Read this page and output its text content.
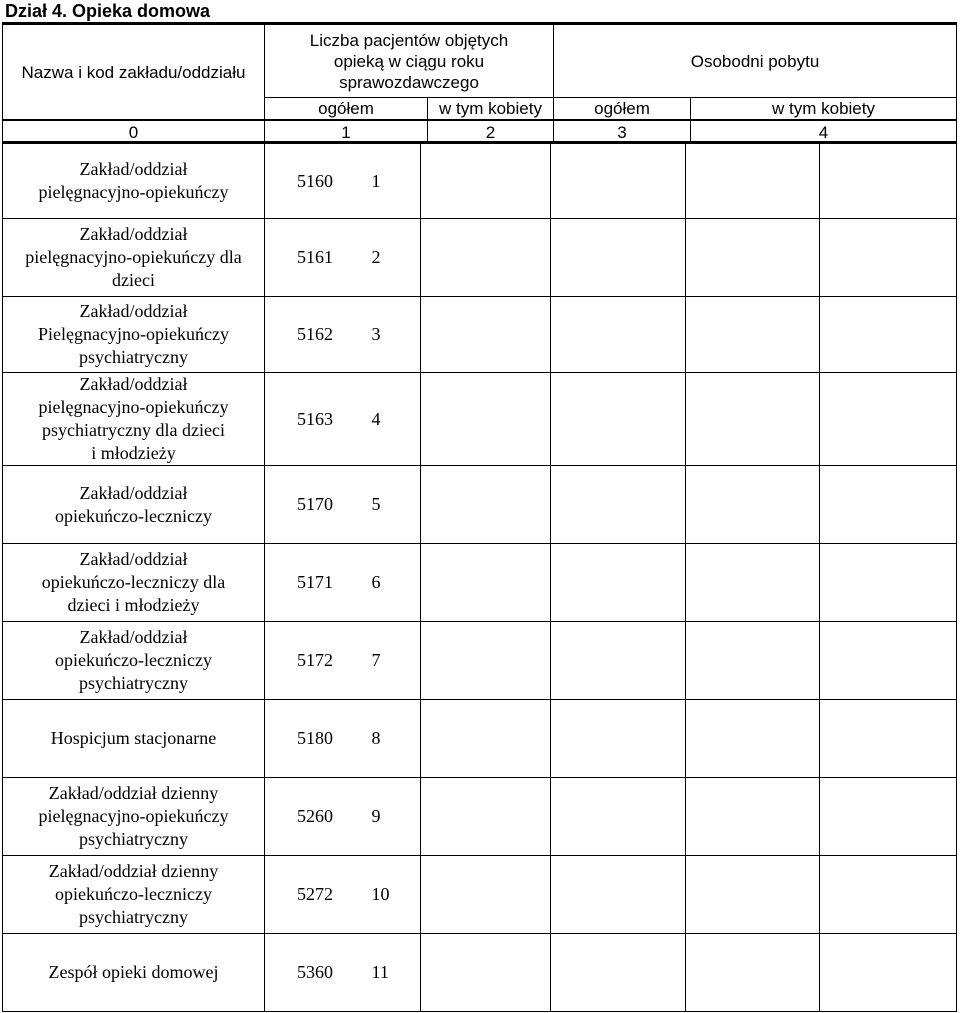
Dział 4. Opieka domowa
Nazwa i kod zakładu/oddziału	Liczba pacjentów objętych
opieką w ciągu roku
sprawozdawczego		Osobodni pobytu	
	ogółem	w tym kobiety	ogółem	w tym kobiety
0	1	2	3	4
Zakład/oddział
pielęgnacyjno-opiekuńczy	5160	1				

Zakład/oddział
pielęgnacyjno-opiekuńczy dla
dzieci	5161	2				

Zakład/oddział
Pielęgnacyjno-opiekuńczy
psychiatryczny	5162	3				

Zakład/oddział
pielęgnacyjno-opiekuńczy
psychiatryczny dla dzieci
i młodzieży	5163	4				

Zakład/oddział
opiekuńczo-leczniczy	5170	5				

Zakład/oddział
opiekuńczo-leczniczy dla
dzieci i młodzieży	5171	6				

Zakład/oddział
opiekuńczo-leczniczy
psychiatryczny	5172	7				

Hospicjum stacjonarne	5180	8				

Zakład/oddział dzienny
pielęgnacyjno-opiekuńczy
psychiatryczny	5260	9				

Zakład/oddział dzienny
opiekuńczo-leczniczy
psychiatryczny	5272	10				

Zespół opieki domowej	5360	11				
